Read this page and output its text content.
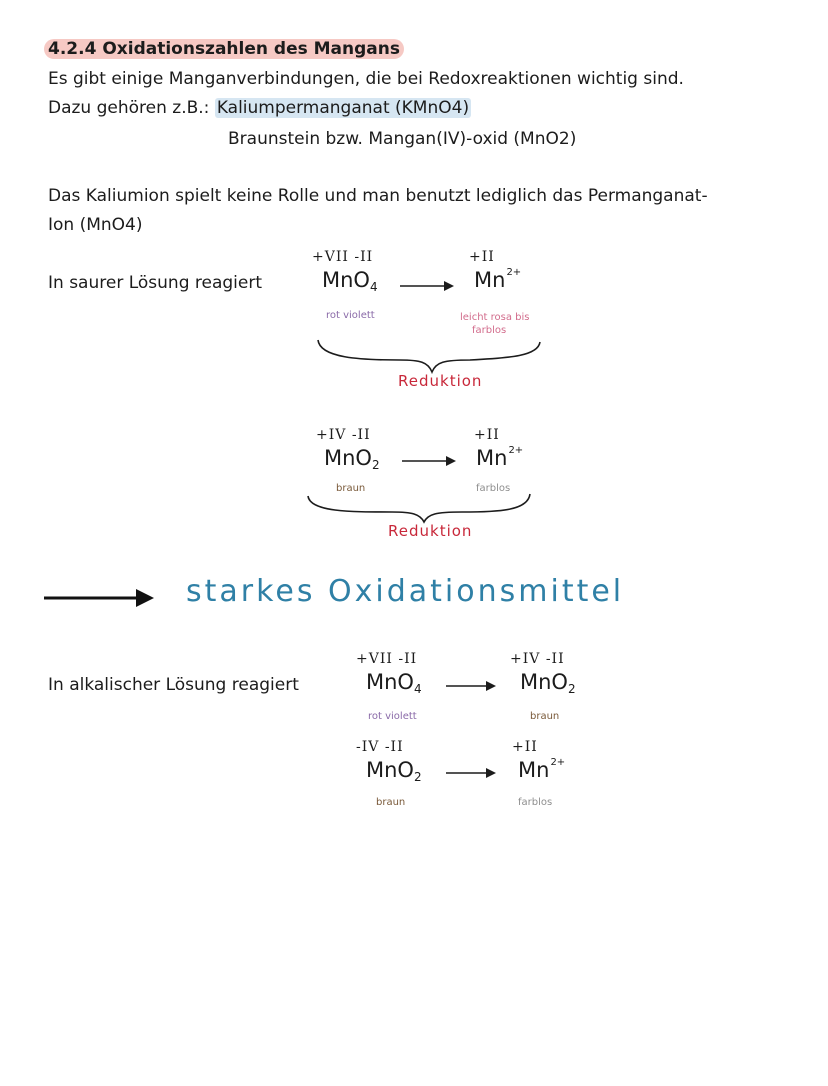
4.2.4 Oxidationszahlen des Mangans
Es gibt einige Manganverbindungen, die bei Redoxreaktionen wichtig sind.
Dazu gehören z.B.: Kaliumpermanganat (KMnO4)
Braunstein bzw. Mangan(IV)-oxid (MnO2)
Das Kaliumion spielt keine Rolle und man benutzt lediglich das Permanganat-
Ion (MnO4)
In saurer Lösung reagiert
+VII -II
MnO$_4$
rot violett
+II
$Mn^{2+}$
leicht rosa bis
farblos
Reduktion
+IV -II
MnO$_2$
braun
+II
$Mn^{2+}$
farblos
Reduktion
starkes Oxidationsmittel
In alkalischer Lösung reagiert
+VII -II
MnO$_4$
rot violett
+IV -II
MnO$_2$
braun
-IV -II
MnO$_2$
braun
+II
$Mn^{2+}$
farblos
